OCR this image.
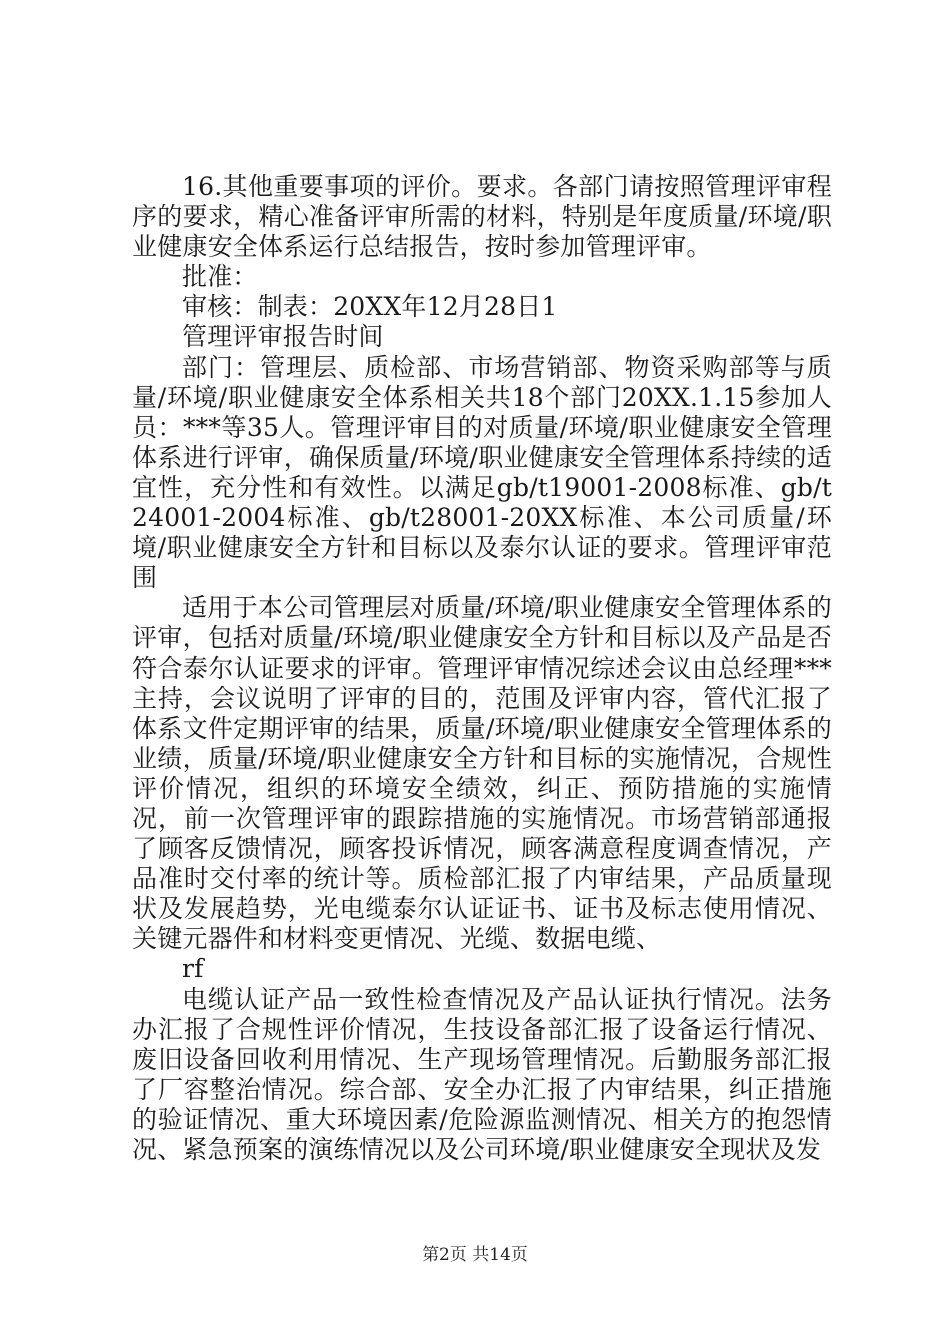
16.其他重要事项的评价。要求。各部门请按照管理评审程序的要求，精心准备评审所需的材料，特别是年度质量/环境/职业健康安全体系运行总结报告，按时参加管理评审。

批准：

审核：制表：20XX年12月28日1

管理评审报告时间

部门：管理层、质检部、市场营销部、物资采购部等与质量/环境/职业健康安全体系相关共18个部门20XX.1.15参加人员：***等35人。管理评审目的对质量/环境/职业健康安全管理体系进行评审，确保质量/环境/职业健康安全管理体系持续的适宜性，充分性和有效性。以满足gb/t19001-2008标准、gb/t24001-2004标准、gb/t28001-20XX标准、本公司质量/环境/职业健康安全方针和目标以及泰尔认证的要求。管理评审范围

适用于本公司管理层对质量/环境/职业健康安全管理体系的评审，包括对质量/环境/职业健康安全方针和目标以及产品是否符合泰尔认证要求的评审。管理评审情况综述会议由总经理***主持，会议说明了评审的目的，范围及评审内容，管代汇报了体系文件定期评审的结果，质量/环境/职业健康安全管理体系的业绩，质量/环境/职业健康安全方针和目标的实施情况，合规性评价情况，组织的环境安全绩效，纠正、预防措施的实施情况，前一次管理评审的跟踪措施的实施情况。市场营销部通报了顾客反馈情况，顾客投诉情况，顾客满意程度调查情况，产品准时交付率的统计等。质检部汇报了内审结果，产品质量现状及发展趋势，光电缆泰尔认证证书、证书及标志使用情况、关键元器件和材料变更情况、光缆、数据电缆、

rf

电缆认证产品一致性检查情况及产品认证执行情况。法务办汇报了合规性评价情况，生技设备部汇报了设备运行情况、废旧设备回收利用情况、生产现场管理情况。后勤服务部汇报了厂容整治情况。综合部、安全办汇报了内审结果，纠正措施的验证情况、重大环境因素/危险源监测情况、相关方的抱怨情况、紧急预案的演练情况以及公司环境/职业健康安全现状及发

第2页 共14页
